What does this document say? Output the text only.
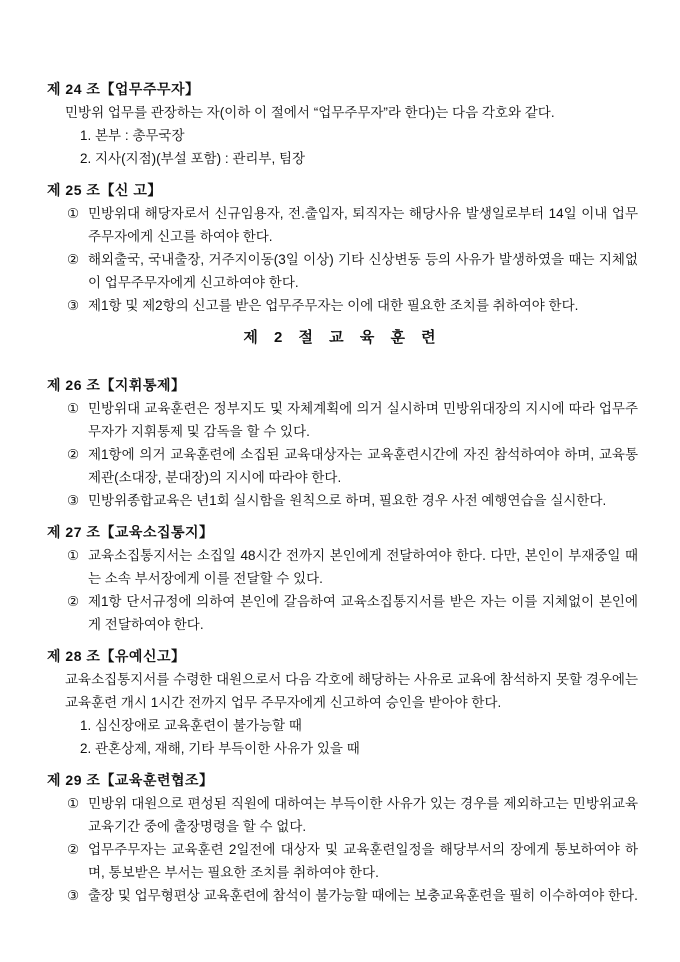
제 24 조【업무주무자】
민방위 업무를 관장하는 자(이하 이 절에서 “업무주무자”라 한다)는 다음 각호와 같다.
1. 본부 : 총무국장
2. 지사(지점)(부설 포함) : 관리부, 팀장
제 25 조【신 고】
① 민방위대 해당자로서 신규임용자, 전.출입자, 퇴직자는 해당사유 발생일로부터 14일 이내 업무주무자에게 신고를 하여야 한다.
② 해외출국, 국내출장, 거주지이동(3일 이상) 기타 신상변동 등의 사유가 발생하였을 때는 지체없이 업무주무자에게 신고하여야 한다.
③ 제1항 및 제2항의 신고를 받은 업무주무자는 이에 대한 필요한 조치를 취하여야 한다.
제 2 절 교 육 훈 련
제 26 조【지휘통제】
① 민방위대 교육훈련은 정부지도 및 자체계획에 의거 실시하며 민방위대장의 지시에 따라 업무주무자가 지휘통제 및 감독을 할 수 있다.
② 제1항에 의거 교육훈련에 소집된 교육대상자는 교육훈련시간에 자진 참석하여야 하며, 교육통제관(소대장, 분대장)의 지시에 따라야 한다.
③ 민방위종합교육은 년1회 실시함을 원칙으로 하며, 필요한 경우 사전 예행연습을 실시한다.
제 27 조【교육소집통지】
① 교육소집통지서는 소집일 48시간 전까지 본인에게 전달하여야 한다. 다만, 본인이 부재중일 때는 소속 부서장에게 이를 전달할 수 있다.
② 제1항 단서규정에 의하여 본인에 갈음하여 교육소집통지서를 받은 자는 이를 지체없이 본인에게 전달하여야 한다.
제 28 조【유예신고】
교육소집통지서를 수령한 대원으로서 다음 각호에 해당하는 사유로 교육에 참석하지 못할 경우에는 교육훈련 개시 1시간 전까지 업무 주무자에게 신고하여 승인을 받아야 한다.
1. 심신장애로 교육훈련이 불가능할 때
2. 관혼상제, 재해, 기타 부득이한 사유가 있을 때
제 29 조【교육훈련협조】
① 민방위 대원으로 편성된 직원에 대하여는 부득이한 사유가 있는 경우를 제외하고는 민방위교육 교육기간 중에 출장명령을 할 수 없다.
② 업무주무자는 교육훈련 2일전에 대상자 및 교육훈련일정을 해당부서의 장에게 통보하여야 하며, 통보받은 부서는 필요한 조치를 취하여야 한다.
③ 출장 및 업무형편상 교육훈련에 참석이 불가능할 때에는 보충교육훈련을 필히 이수하여야 한다.
